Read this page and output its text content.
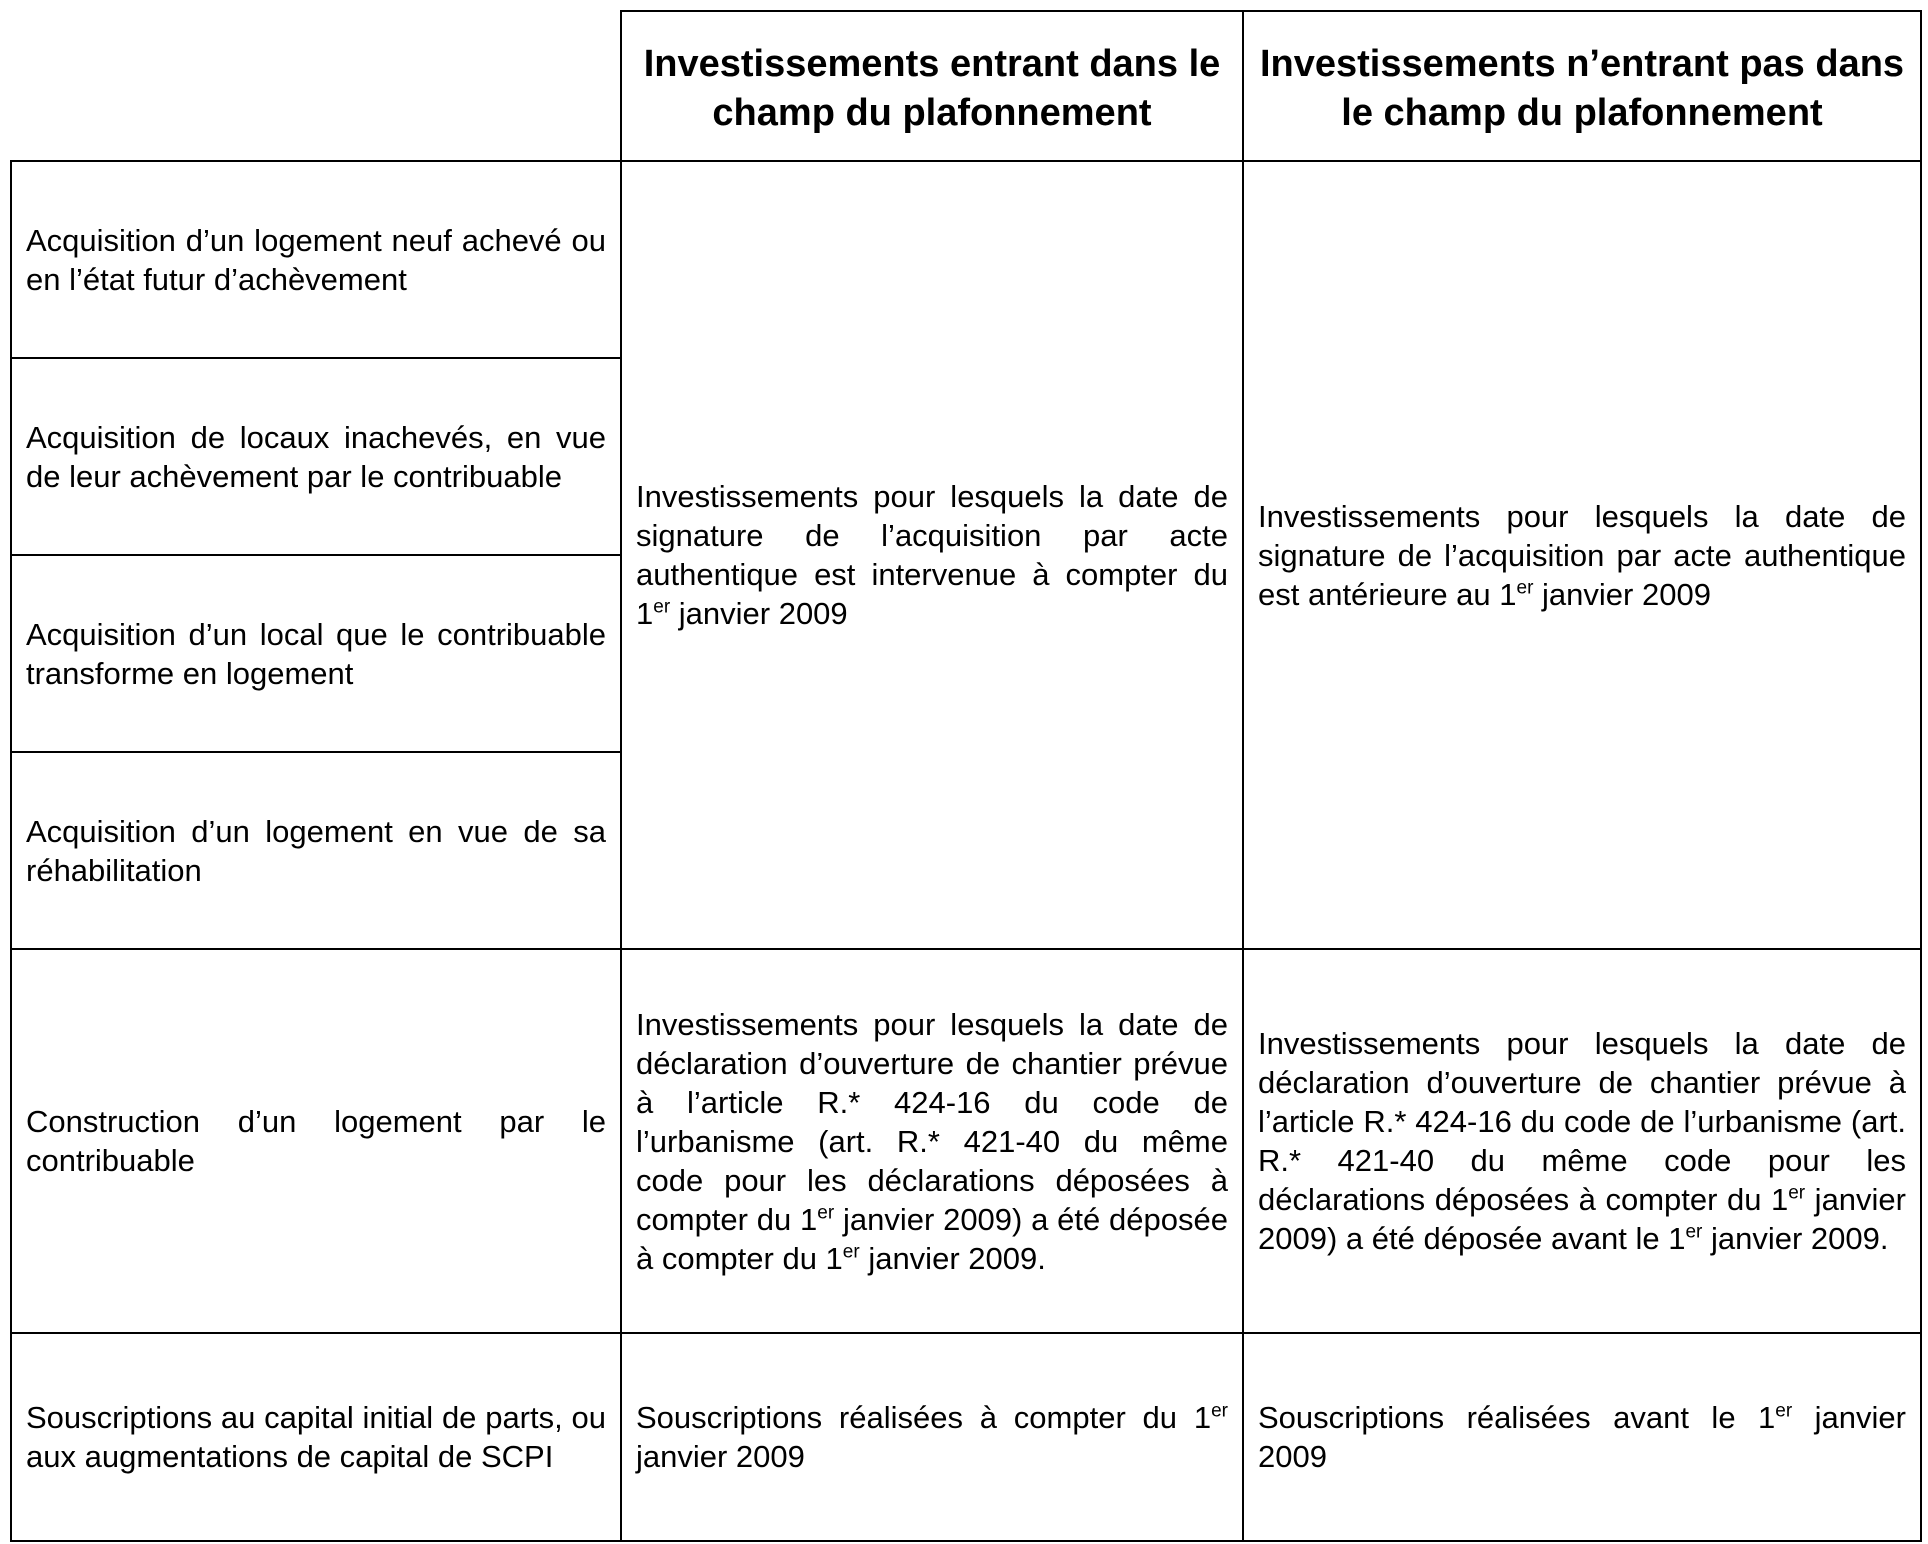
Investissements entrant dans le champ du plafonnement
Investissements n’entrant pas dans le champ du plafonnement
Acquisition d’un logement neuf achevé ou en l’état futur d’achèvement
Acquisition de locaux inachevés, en vue de leur achèvement par le contribuable
Acquisition d’un local que le contribuable transforme en logement
Acquisition d’un logement en vue de sa réhabilitation
Construction d’un logement par le contribuable
Souscriptions au capital initial de parts, ou aux augmentations de capital de SCPI
Investissements pour lesquels la date de signature de l’acquisition par acte authentique est intervenue à compter du 1er janvier 2009
Investissements pour lesquels la date de signature de l’acquisition par acte authentique est antérieure au 1er janvier 2009
Investissements pour lesquels la date de déclaration d’ouverture de chantier prévue à l’article R.* 424-16 du code de l’urbanisme (art. R.* 421-40 du même code pour les déclarations déposées à compter du 1er janvier 2009) a été déposée à compter du 1er janvier 2009.
Investissements pour lesquels la date de déclaration d’ouverture de chantier prévue à l’article R.* 424-16 du code de l’urbanisme (art. R.* 421-40 du même code pour les déclarations déposées à compter du 1er janvier 2009) a été déposée avant le 1er janvier 2009.
Souscriptions réalisées à compter du 1er janvier 2009
Souscriptions réalisées avant le 1er janvier 2009
